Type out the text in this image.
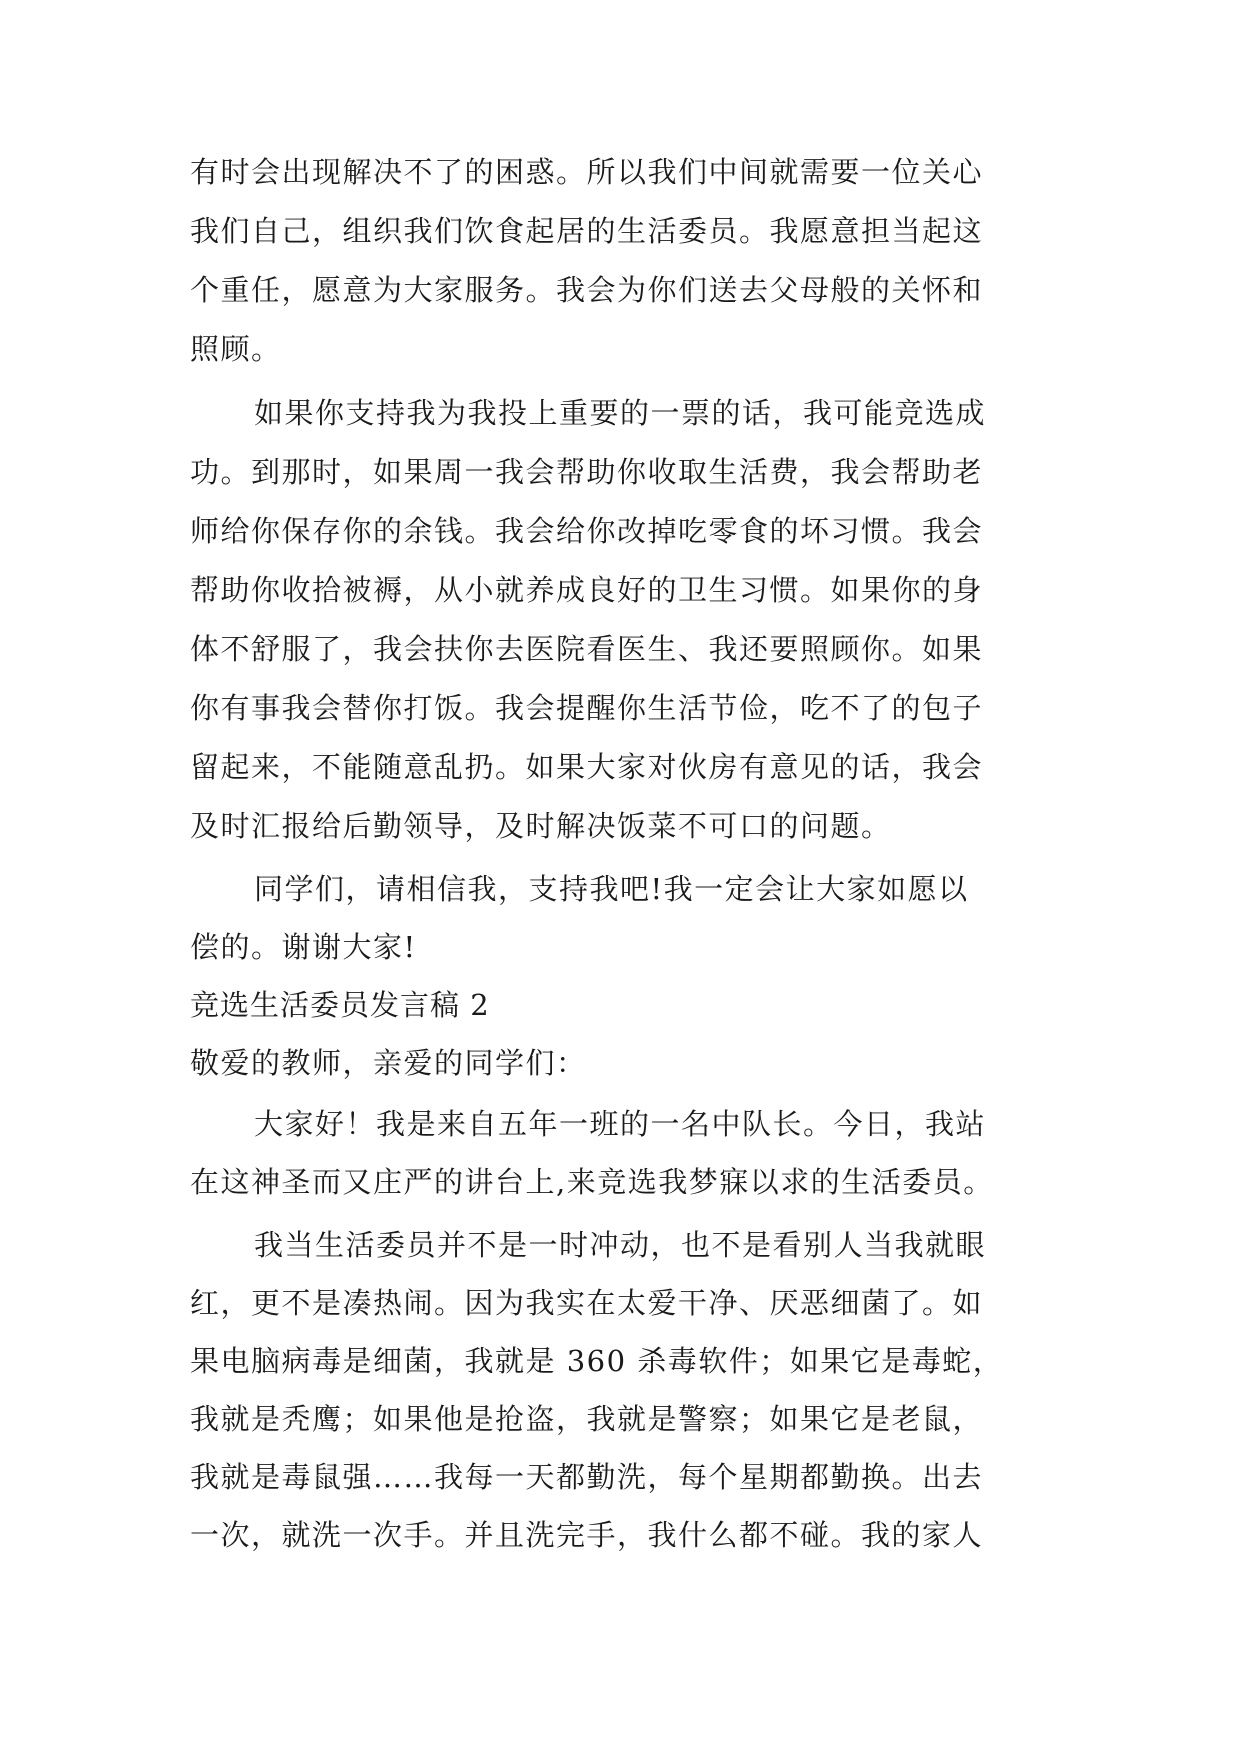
有时会出现解决不了的困惑。所以我们中间就需要一位关心
我们自己，组织我们饮食起居的生活委员。我愿意担当起这
个重任，愿意为大家服务。我会为你们送去父母般的关怀和
照顾。
如果你支持我为我投上重要的一票的话，我可能竞选成
功。到那时，如果周一我会帮助你收取生活费，我会帮助老
师给你保存你的余钱。我会给你改掉吃零食的坏习惯。我会
帮助你收拾被褥，从小就养成良好的卫生习惯。如果你的身
体不舒服了，我会扶你去医院看医生、我还要照顾你。如果
你有事我会替你打饭。我会提醒你生活节俭，吃不了的包子
留起来，不能随意乱扔。如果大家对伙房有意见的话，我会
及时汇报给后勤领导，及时解决饭菜不可口的问题。
同学们，请相信我，支持我吧!我一定会让大家如愿以
偿的。谢谢大家!
竞选生活委员发言稿 2
敬爱的教师，亲爱的同学们：
大家好！我是来自五年一班的一名中队长。今日，我站
在这神圣而又庄严的讲台上,来竞选我梦寐以求的生活委员。
我当生活委员并不是一时冲动，也不是看别人当我就眼
红，更不是凑热闹。因为我实在太爱干净、厌恶细菌了。如
果电脑病毒是细菌，我就是 360 杀毒软件；如果它是毒蛇，
我就是秃鹰；如果他是抢盗，我就是警察；如果它是老鼠，
我就是毒鼠强……我每一天都勤洗，每个星期都勤换。出去
一次，就洗一次手。并且洗完手，我什么都不碰。我的家人
